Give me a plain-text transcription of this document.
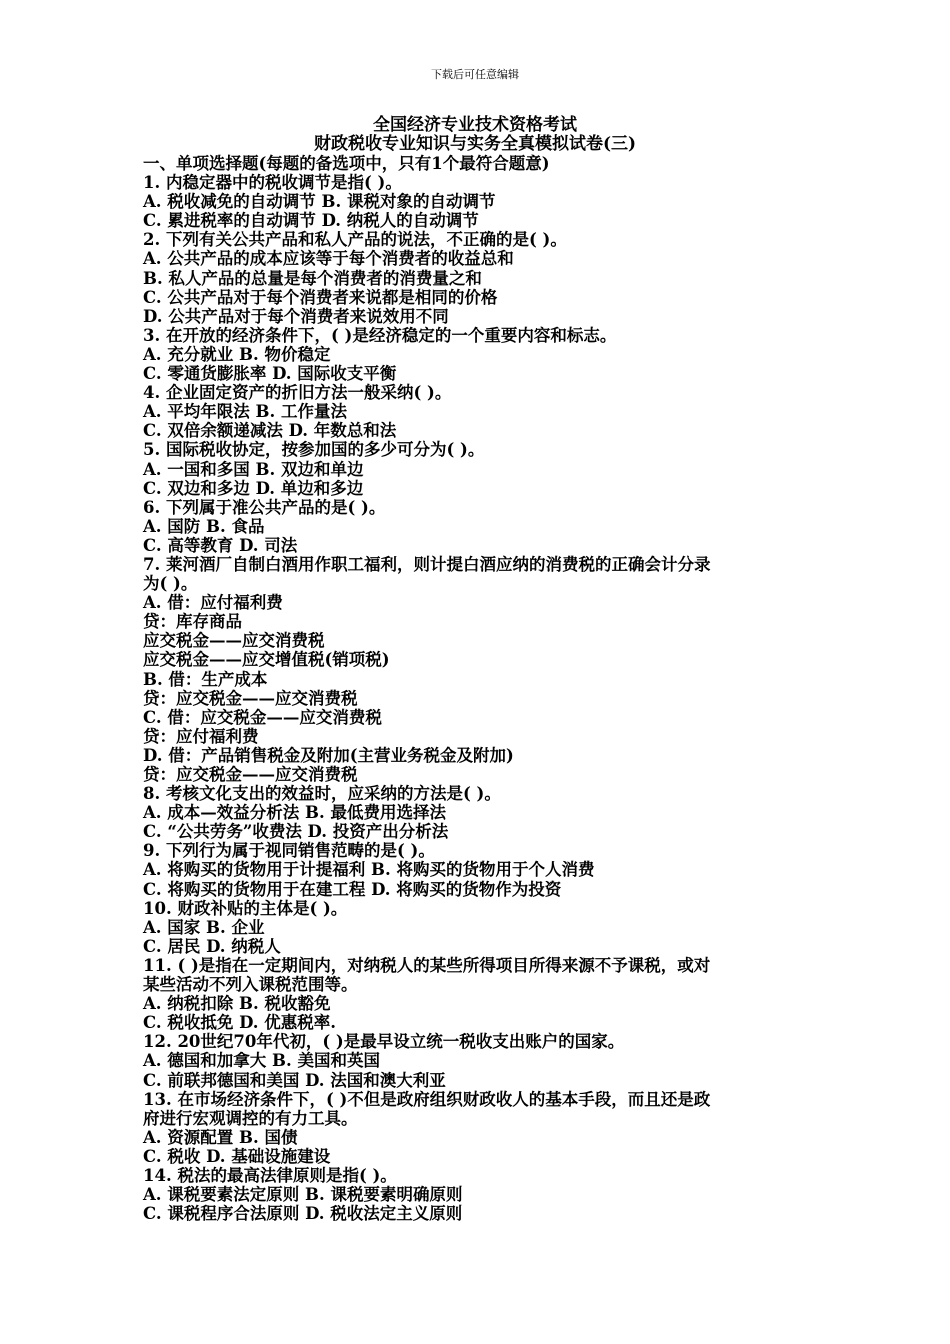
下载后可任意编辑
全国经济专业技术资格考试
财政税收专业知识与实务全真模拟试卷(三)
一、单项选择题(每题的备选项中，只有1个最符合题意)
1. 内稳定器中的税收调节是指( )。
A. 税收减免的自动调节 B. 课税对象的自动调节
C. 累进税率的自动调节 D. 纳税人的自动调节
2. 下列有关公共产品和私人产品的说法，不正确的是( )。
A. 公共产品的成本应该等于每个消费者的收益总和
B. 私人产品的总量是每个消费者的消费量之和
C. 公共产品对于每个消费者来说都是相同的价格
D. 公共产品对于每个消费者来说效用不同
3. 在开放的经济条件下，( )是经济稳定的一个重要内容和标志。
A. 充分就业 B. 物价稳定
C. 零通货膨胀率 D. 国际收支平衡
4. 企业固定资产的折旧方法一般采纳( )。
A. 平均年限法 B. 工作量法
C. 双倍余额递减法 D. 年数总和法
5. 国际税收协定，按参加国的多少可分为( )。
A. 一国和多国 B. 双边和单边
C. 双边和多边 D. 单边和多边
6. 下列属于准公共产品的是( )。
A. 国防 B. 食品
C. 高等教育 D. 司法
7. 莱河酒厂自制白酒用作职工福利，则计提白酒应纳的消费税的正确会计分录
为( )。
A. 借：应付福利费
贷：库存商品
应交税金——应交消费税
应交税金——应交增值税(销项税)
B. 借：生产成本
贷：应交税金——应交消费税
C. 借：应交税金——应交消费税
贷：应付福利费
D. 借：产品销售税金及附加(主营业务税金及附加)
贷：应交税金——应交消费税
8. 考核文化支出的效益时，应采纳的方法是( )。
A. 成本—效益分析法 B. 最低费用选择法
C. “公共劳务”收费法 D. 投资产出分析法
9. 下列行为属于视同销售范畴的是( )。
A. 将购买的货物用于计提福利 B. 将购买的货物用于个人消费
C. 将购买的货物用于在建工程 D. 将购买的货物作为投资
10. 财政补贴的主体是( )。
A. 国家 B. 企业
C. 居民 D. 纳税人
11. ( )是指在一定期间内，对纳税人的某些所得项目所得来源不予课税，或对
某些活动不列入课税范围等。
A. 纳税扣除 B. 税收豁免
C. 税收抵免 D. 优惠税率.
12. 20世纪70年代初，( )是最早设立统一税收支出账户的国家。
A. 德国和加拿大 B. 美国和英国
C. 前联邦德国和美国 D. 法国和澳大利亚
13. 在市场经济条件下，( )不但是政府组织财政收人的基本手段，而且还是政
府进行宏观调控的有力工具。
A. 资源配置 B. 国债
C. 税收 D. 基础设施建设
14. 税法的最高法律原则是指( )。
A. 课税要素法定原则 B. 课税要素明确原则
C. 课税程序合法原则 D. 税收法定主义原则
